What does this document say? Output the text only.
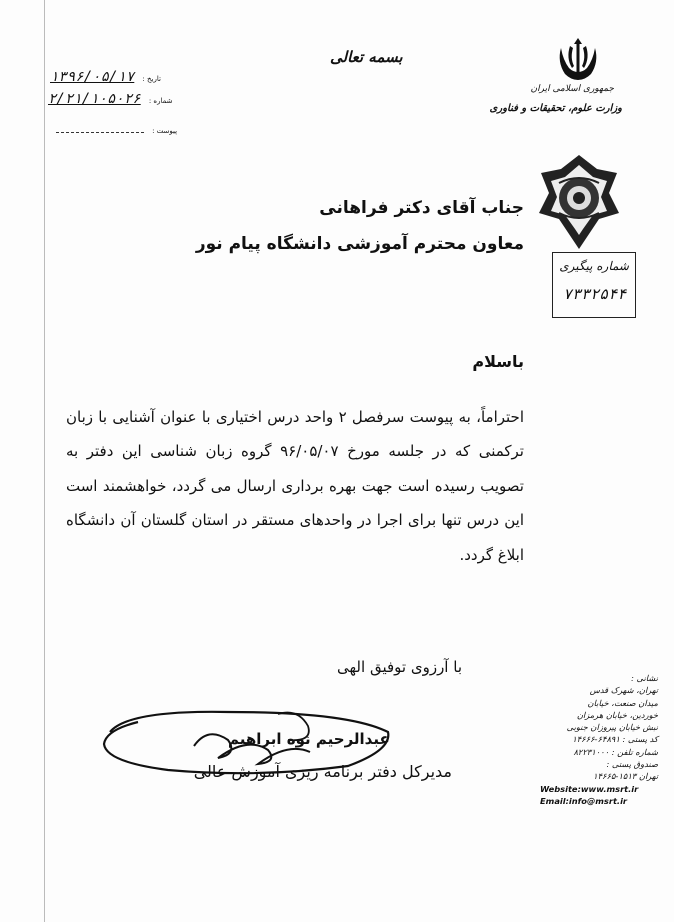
جمهوری اسلامی ایران
وزارت علوم، تحقیقات و فناوری
بسمه تعالی
۱۳۹۶/۰۵/۱۷ تاریخ :
۲/۲۱/۱۰۵۰۲۶ شماره :
پیوست :
جناب آقای دکتر فراهانی
معاون محترم آموزشی دانشگاه پیام نور
شماره پیگیری
۷۳۳۲۵۴۴
باسلام

احتراماً، به پیوست سرفصل ۲ واحد درس اختیاری با عنوان آشنایی با زبان ترکمنی که در جلسه مورخ ۹۶/۰۵/۰۷ گروه زبان شناسی این دفتر به تصویب رسیده است جهت بهره برداری ارسال می گردد، خواهشمند است این درس تنها برای اجرا در واحدهای مستقر در استان گلستان آن دانشگاه ابلاغ گردد.

با آرزوی توفیق الهی
عبدالرحیم نوه ابراهیم
مدیرکل دفتر برنامه ریزی آموزش عالی
نشانی :
تهران، شهرک قدس
میدان صنعت، خیابان
خوردین، خیابان هرمزان
نبش خیابان پیروزان جنوبی
کد پستی : ۶۴۸۹۱-۱۴۶۶۶
شماره تلفن : ۸۲۲۳۱۰۰۰
صندوق پستی :
تهران ۱۵۱۳-۱۴۶۶۵
Website:www.msrt.ir
Email:info@msrt.ir
